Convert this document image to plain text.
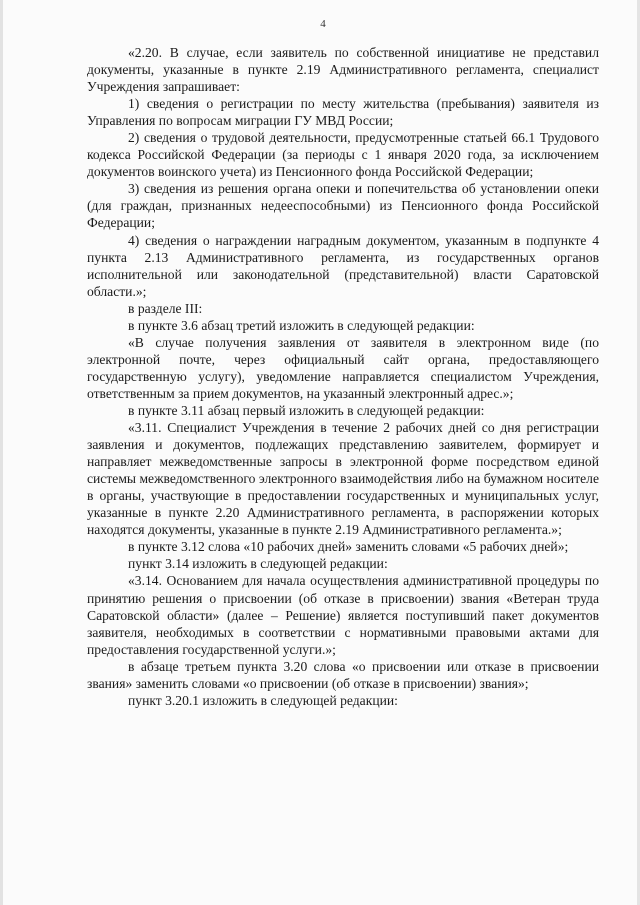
4

«2.20. В случае, если заявитель по собственной инициативе не представил документы, указанные в пункте 2.19 Административного регламента, специалист Учреждения запрашивает:

1) сведения о регистрации по месту жительства (пребывания) заявителя из Управления по вопросам миграции ГУ МВД России;

2) сведения о трудовой деятельности, предусмотренные статьей 66.1 Трудового кодекса Российской Федерации (за периоды с 1 января 2020 года, за исключением документов воинского учета) из Пенсионного фонда Российской Федерации;

3) сведения из решения органа опеки и попечительства об установлении опеки (для граждан, признанных недееспособными) из Пенсионного фонда Российской Федерации;

4) сведения о награждении наградным документом, указанным в подпункте 4 пункта 2.13 Административного регламента, из государственных органов исполнительной или законодательной (представительной) власти Саратовской области.»;

в разделе III:

в пункте 3.6 абзац третий изложить в следующей редакции:

«В случае получения заявления от заявителя в электронном виде (по электронной почте, через официальный сайт органа, предоставляющего государственную услугу), уведомление направляется специалистом Учреждения, ответственным за прием документов, на указанный электронный адрес.»;

в пункте 3.11 абзац первый изложить в следующей редакции:

«3.11. Специалист Учреждения в течение 2 рабочих дней со дня регистрации заявления и документов, подлежащих представлению заявителем, формирует и направляет межведомственные запросы в электронной форме посредством единой системы межведомственного электронного взаимодействия либо на бумажном носителе в органы, участвующие в предоставлении государственных и муниципальных услуг, указанные в пункте 2.20 Административного регламента, в распоряжении которых находятся документы, указанные в пункте 2.19 Административного регламента.»;

в пункте 3.12 слова «10 рабочих дней» заменить словами «5 рабочих дней»;

пункт 3.14 изложить в следующей редакции:

«3.14. Основанием для начала осуществления административной процедуры по принятию решения о присвоении (об отказе в присвоении) звания «Ветеран труда Саратовской области» (далее – Решение) является поступивший пакет документов заявителя, необходимых в соответствии с нормативными правовыми актами для предоставления государственной услуги.»;

в абзаце третьем пункта 3.20 слова «о присвоении или отказе в присвоении звания» заменить словами «о присвоении (об отказе в присвоении) звания»;

пункт 3.20.1 изложить в следующей редакции:
